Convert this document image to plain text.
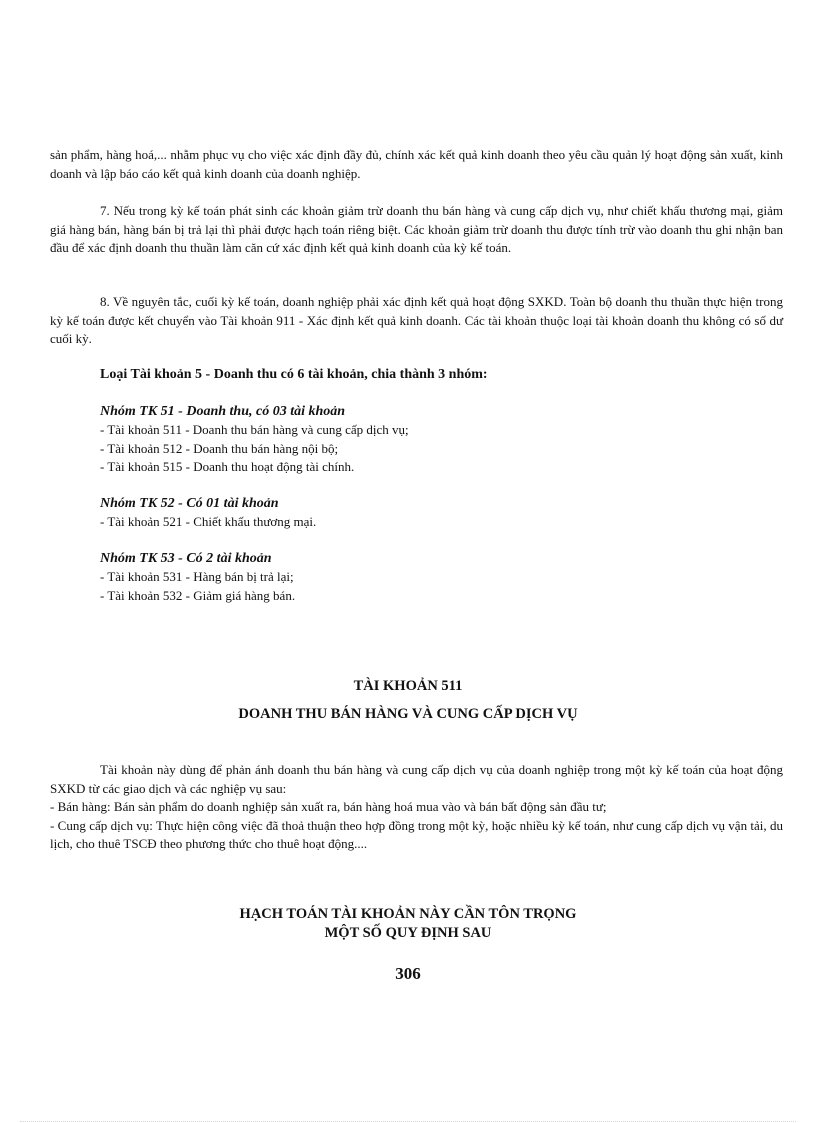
sản phẩm, hàng hoá,... nhằm phục vụ cho việc xác định đầy đủ, chính xác kết quả kinh doanh theo yêu cầu quản lý hoạt động sản xuất, kinh doanh và lập báo cáo kết quả kinh doanh của doanh nghiệp.

7. Nếu trong kỳ kế toán phát sinh các khoản giảm trừ doanh thu bán hàng và cung cấp dịch vụ, như chiết khấu thương mại, giảm giá hàng bán, hàng bán bị trả lại thì phải được hạch toán riêng biệt. Các khoản giảm trừ doanh thu được tính trừ vào doanh thu ghi nhận ban đầu để xác định doanh thu thuần làm căn cứ xác định kết quả kinh doanh của kỳ kế toán.

8. Về nguyên tắc, cuối kỳ kế toán, doanh nghiệp phải xác định kết quả hoạt động SXKD. Toàn bộ doanh thu thuần thực hiện trong kỳ kế toán được kết chuyển vào Tài khoản 911 - Xác định kết quả kinh doanh. Các tài khoản thuộc loại tài khoản doanh thu không có số dư cuối kỳ.

Loại Tài khoản 5 - Doanh thu có 6 tài khoản, chia thành 3 nhóm:
Nhóm TK 51 - Doanh thu, có 03 tài khoản
- Tài khoản 511 - Doanh thu bán hàng và cung cấp dịch vụ;
- Tài khoản 512 - Doanh thu bán hàng nội bộ;
- Tài khoản 515 - Doanh thu hoạt động tài chính.
Nhóm TK 52 - Có 01 tài khoản
- Tài khoản 521 - Chiết khấu thương mại.
Nhóm TK 53 - Có 2 tài khoản
- Tài khoản 531 - Hàng bán bị trả lại;
- Tài khoản 532 - Giảm giá hàng bán.
TÀI KHOẢN 511
DOANH THU BÁN HÀNG VÀ CUNG CẤP DỊCH VỤ

Tài khoản này dùng để phản ánh doanh thu bán hàng và cung cấp dịch vụ của doanh nghiệp trong một kỳ kế toán của hoạt động SXKD từ các giao dịch và các nghiệp vụ sau:

- Bán hàng: Bán sản phẩm do doanh nghiệp sản xuất ra, bán hàng hoá mua vào và bán bất động sản đầu tư;

- Cung cấp dịch vụ: Thực hiện công việc đã thoả thuận theo hợp đồng trong một kỳ, hoặc nhiều kỳ kế toán, như cung cấp dịch vụ vận tải, du lịch, cho thuê TSCĐ theo phương thức cho thuê hoạt động....

HẠCH TOÁN TÀI KHOẢN NÀY CẦN TÔN TRỌNG
MỘT SỐ QUY ĐỊNH SAU
306
